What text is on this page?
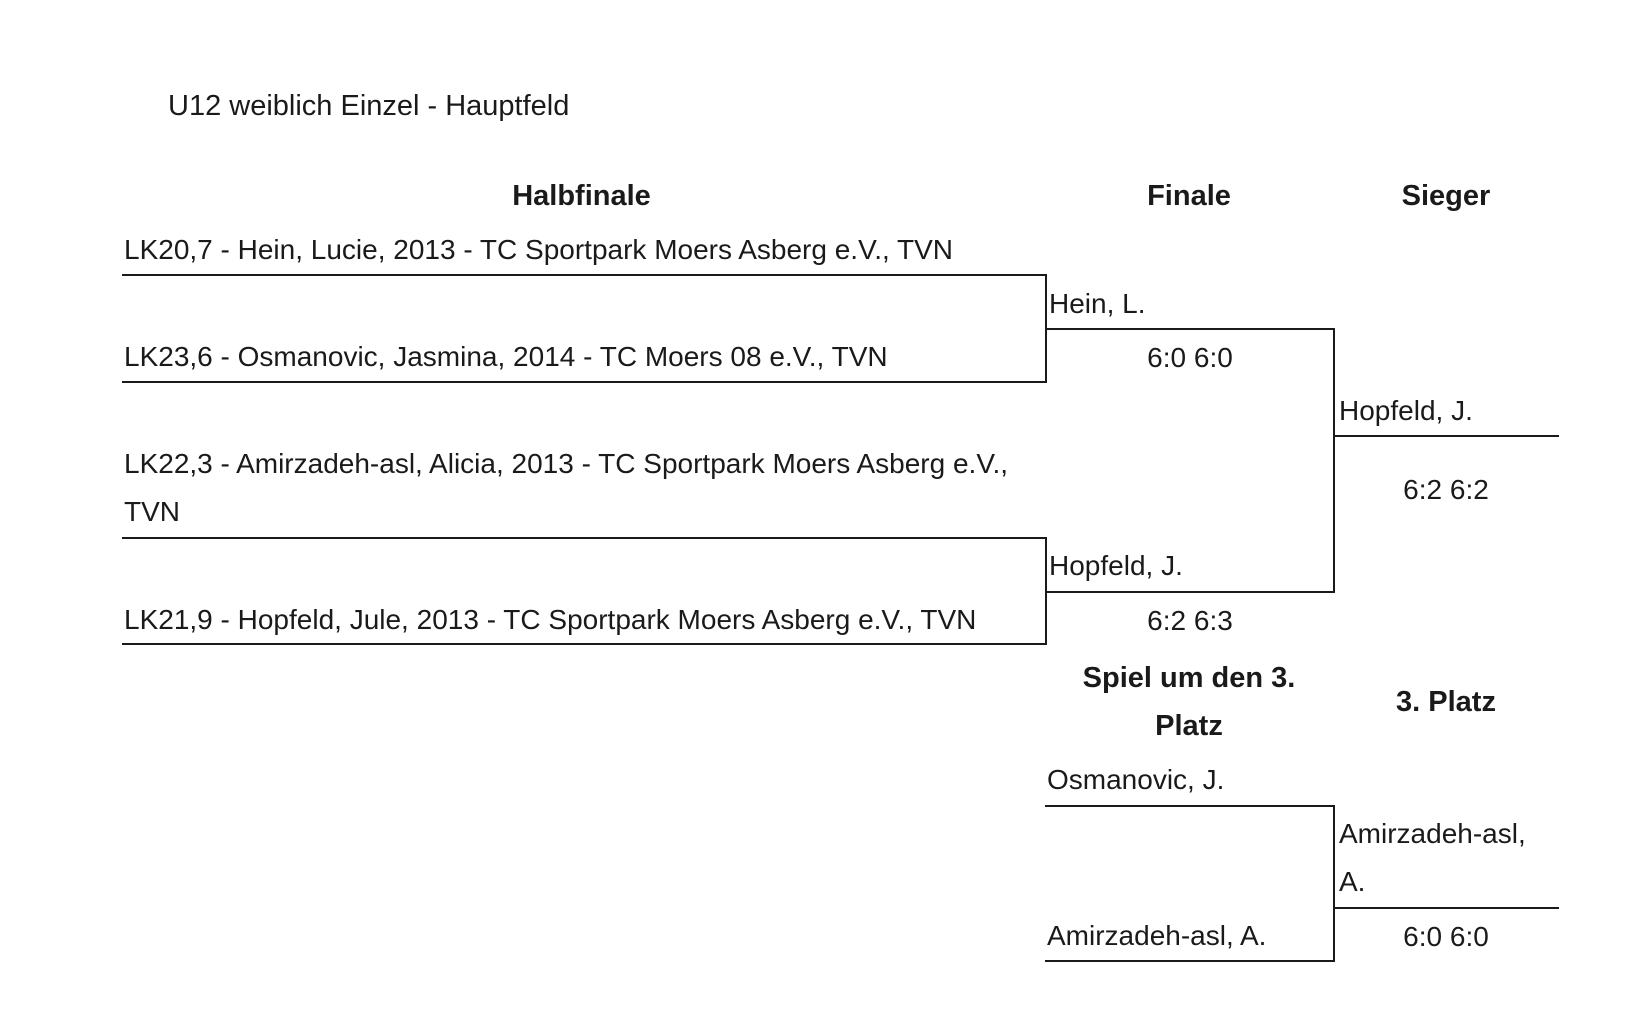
U12 weiblich Einzel - Hauptfeld
Halbfinale	Finale	Sieger
LK20,7 - Hein, Lucie, 2013 - TC Sportpark Moers Asberg e.V., TVN
LK23,6 - Osmanovic, Jasmina, 2014 - TC Moers 08 e.V., TVN
LK22,3 - Amirzadeh-asl, Alicia, 2013 - TC Sportpark Moers Asberg e.V.,
TVN
LK21,9 - Hopfeld, Jule, 2013 - TC Sportpark Moers Asberg e.V., TVN
Hein, L.
6:0 6:0
Hopfeld, J.
6:2 6:3
Hopfeld, J.
6:2 6:2
Spiel um den 3.
Platz
3. Platz
Osmanovic, J.
Amirzadeh-asl, A.
Amirzadeh-asl,
A.
6:0 6:0
